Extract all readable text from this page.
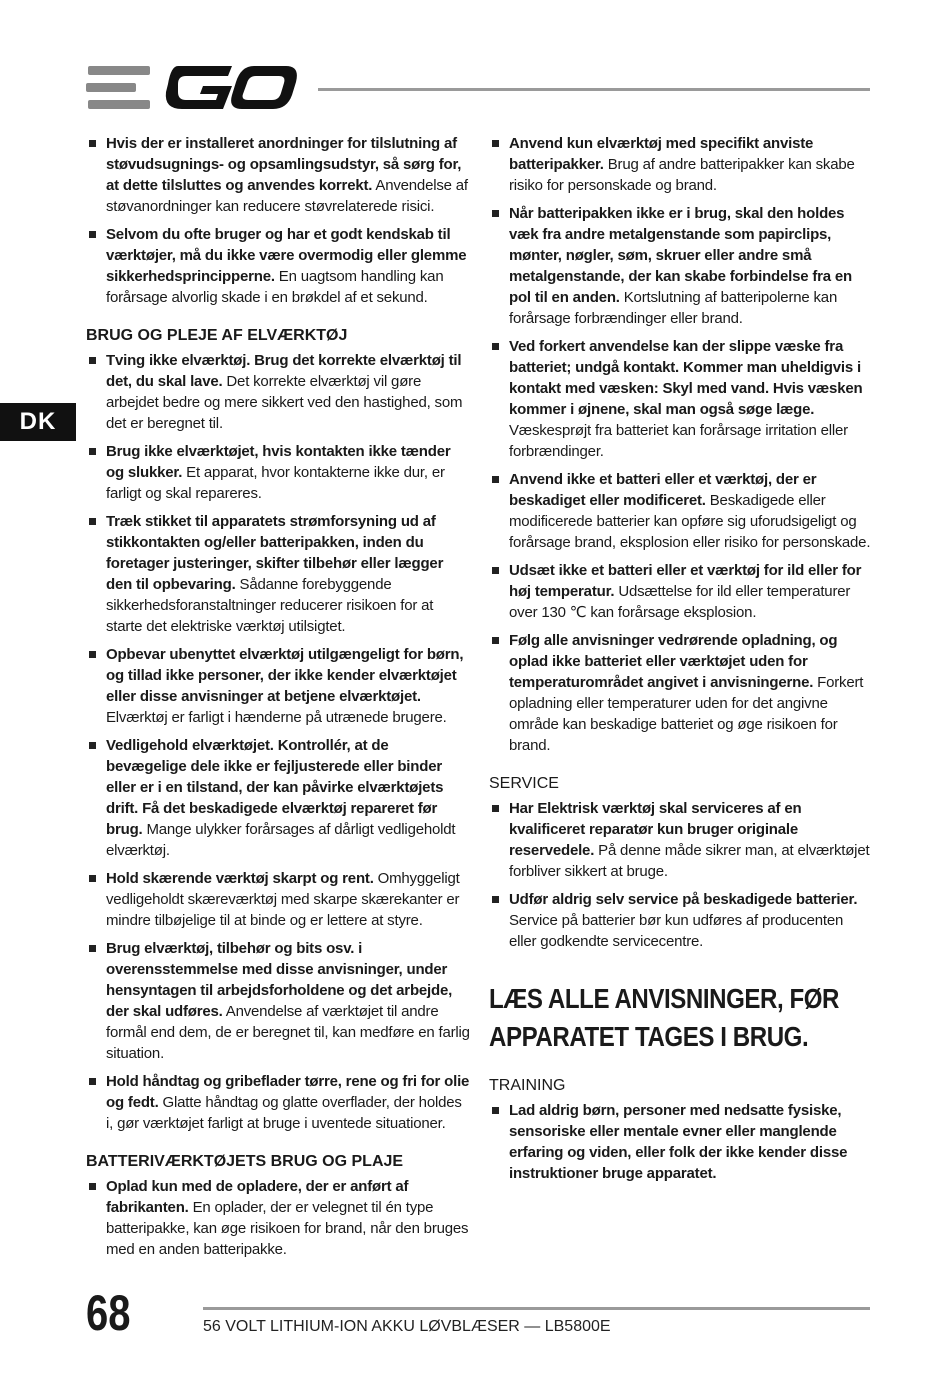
DK
Hvis der er installeret anordninger for tilslutning af støvudsugnings- og opsamlingsudstyr, så sørg for, at dette tilsluttes og anvendes korrekt. Anvendelse af støvanordninger kan reducere støvrelaterede risici.
Selvom du ofte bruger og har et godt kendskab til værktøjer, må du ikke være overmodig eller glemme sikkerhedsprincipperne. En uagtsom handling kan forårsage alvorlig skade i en brøkdel af et sekund.
BRUG OG PLEJE AF ELVÆRKTØJ
Tving ikke elværktøj. Brug det korrekte elværktøj til det, du skal lave. Det korrekte elværktøj vil gøre arbejdet bedre og mere sikkert ved den hastighed, som det er beregnet til.
Brug ikke elværktøjet, hvis kontakten ikke tænder og slukker. Et apparat, hvor kontakterne ikke dur, er farligt og skal repareres.
Træk stikket til apparatets strømforsyning ud af stikkontakten og/eller batteripakken, inden du foretager justeringer, skifter tilbehør eller lægger den til opbevaring. Sådanne forebyggende sikkerhedsforanstaltninger reducerer risikoen for at starte det elektriske værktøj utilsigtet.
Opbevar ubenyttet elværktøj utilgængeligt for børn, og tillad ikke personer, der ikke kender elværktøjet eller disse anvisninger at betjene elværktøjet. Elværktøj er farligt i hænderne på utrænede brugere.
Vedligehold elværktøjet. Kontrollér, at de bevægelige dele ikke er fejljusterede eller binder eller er i en tilstand, der kan påvirke elværktøjets drift. Få det beskadigede elværktøj repareret før brug. Mange ulykker forårsages af dårligt vedligeholdt elværktøj.
Hold skærende værktøj skarpt og rent. Omhyggeligt vedligeholdt skæreværktøj med skarpe skærekanter er mindre tilbøjelige til at binde og er lettere at styre.
Brug elværktøj, tilbehør og bits osv. i overensstemmelse med disse anvisninger, under hensyntagen til arbejdsforholdene og det arbejde, der skal udføres. Anvendelse af værktøjet til andre formål end dem, de er beregnet til, kan medføre en farlig situation.
Hold håndtag og gribeflader tørre, rene og fri for olie og fedt. Glatte håndtag og glatte overflader, der holdes i, gør værktøjet farligt at bruge i uventede situationer.
BATTERIVÆRKTØJETS BRUG OG PLAJE
Oplad kun med de opladere, der er anført af fabrikanten. En oplader, der er velegnet til én type batteripakke, kan øge risikoen for brand, når den bruges med en anden batteripakke.
Anvend kun elværktøj med specifikt anviste batteripakker. Brug af andre batteripakker kan skabe risiko for personskade og brand.
Når batteripakken ikke er i brug, skal den holdes væk fra andre metalgenstande som papirclips, mønter, nøgler, søm, skruer eller andre små metalgenstande, der kan skabe forbindelse fra en pol til en anden. Kortslutning af batteripolerne kan forårsage forbrændinger eller brand.
Ved forkert anvendelse kan der slippe væske fra batteriet; undgå kontakt. Kommer man uheldigvis i kontakt med væsken: Skyl med vand. Hvis væsken kommer i øjnene, skal man også søge læge. Væskesprøjt fra batteriet kan forårsage irritation eller forbrændinger.
Anvend ikke et batteri eller et værktøj, der er beskadiget eller modificeret. Beskadigede eller modificerede batterier kan opføre sig uforudsigeligt og forårsage brand, eksplosion eller risiko for personskade.
Udsæt ikke et batteri eller et værktøj for ild eller for høj temperatur. Udsættelse for ild eller temperaturer over 130 ℃ kan forårsage eksplosion.
Følg alle anvisninger vedrørende opladning, og oplad ikke batteriet eller værktøjet uden for temperaturområdet angivet i anvisningerne. Forkert opladning eller temperaturer uden for det angivne område kan beskadige batteriet og øge risikoen for brand.
SERVICE
Har Elektrisk værktøj skal serviceres af en kvalificeret reparatør kun bruger originale reservedele. På denne måde sikrer man, at elværktøjet forbliver sikkert at bruge.
Udfør aldrig selv service på beskadigede batterier. Service på batterier bør kun udføres af producenten eller godkendte servicecentre.
LÆS ALLE ANVISNINGER, FØR APPARATET TAGES I BRUG.
TRAINING
Lad aldrig børn, personer med nedsatte fysiske, sensoriske eller mentale evner eller manglende erfaring og viden, eller folk der ikke kender disse instruktioner bruge apparatet.
68	56 VOLT LITHIUM-ION AKKU LØVBLÆSER — LB5800E
